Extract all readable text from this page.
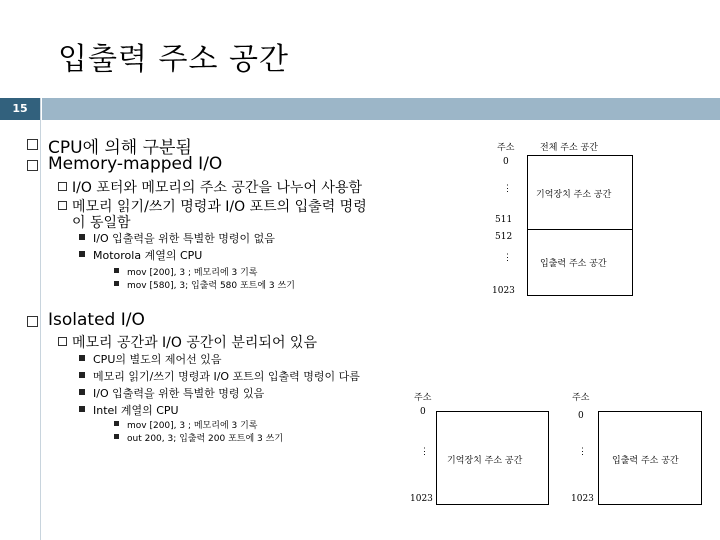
입출력 주소 공간
15
CPU에 의해 구분됨
Memory-mapped I/O
I/O 포터와 메모리의 주소 공간을 나누어 사용함
메모리 읽기/쓰기 명령과 I/O 포트의 입출력 명령
이 동일함
I/O 입출력을 위한 특별한 명령이 없음
Motorola 계열의 CPU
mov [200], 3 ; 메모리에 3 기록
mov [580], 3; 입출력 580 포트에 3 쓰기
Isolated I/O
메모리 공간과 I/O 공간이 분리되어 있음
CPU의 별도의 제어선 있음
메모리 읽기/쓰기 명령과 I/O 포트의 입출력 명령이 다름
I/O 입출력을 위한 특별한 명령 있음
Intel 계열의 CPU
mov [200], 3 ; 메모리에 3 기록
out 200, 3; 입출력 200 포트에 3 쓰기
주소	전체 주소 공간
0
⋮
511
512
⋮
1023
기억장치 주소 공간
입출력 주소 공간
주소
0
⋮
1023
기억장치 주소 공간
주소
0
⋮
1023
입출력 주소 공간
